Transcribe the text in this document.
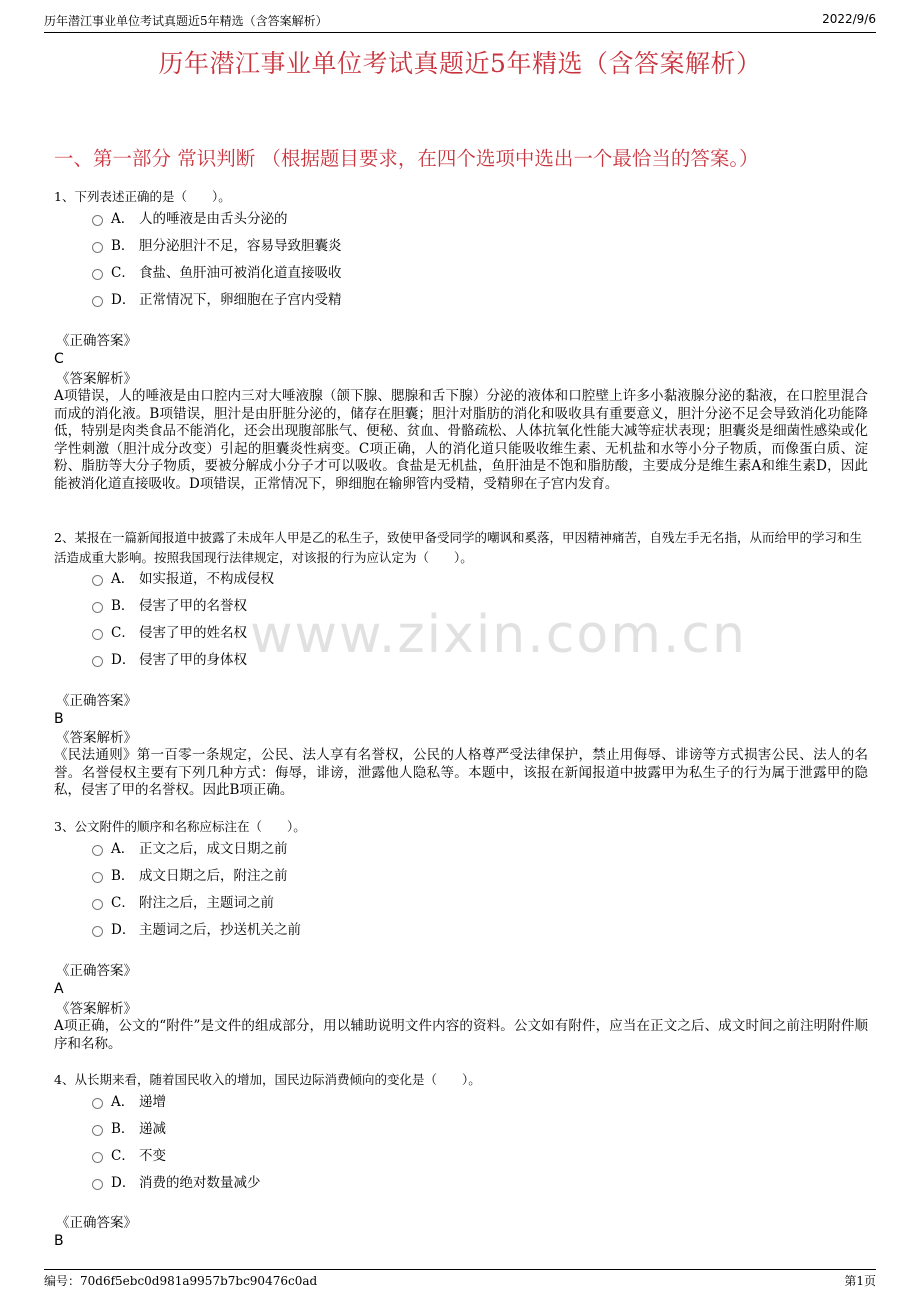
历年潜江事业单位考试真题近5年精选（含答案解析）	2022/9/6
历年潜江事业单位考试真题近5年精选（含答案解析）
一、第一部分 常识判断 （根据题目要求，在四个选项中选出一个最恰当的答案。）
www.zixin.com.cn
1、下列表述正确的是（　　）。
A． 人的唾液是由舌头分泌的
B． 胆分泌胆汁不足，容易导致胆囊炎
C． 食盐、鱼肝油可被消化道直接吸收
D． 正常情况下，卵细胞在子宫内受精
《正确答案》
C
《答案解析》
A项错误，人的唾液是由口腔内三对大唾液腺（颌下腺、腮腺和舌下腺）分泌的液体和口腔壁上许多小黏液腺分泌的黏液，在口腔里混合而成的消化液。B项错误，胆汁是由肝脏分泌的，储存在胆囊；胆汁对脂肪的消化和吸收具有重要意义，胆汁分泌不足会导致消化功能降低，特别是肉类食品不能消化，还会出现腹部胀气、便秘、贫血、骨骼疏松、人体抗氧化性能大减等症状表现；胆囊炎是细菌性感染或化学性刺激（胆汁成分改变）引起的胆囊炎性病变。C项正确，人的消化道只能吸收维生素、无机盐和水等小分子物质，而像蛋白质、淀粉、脂肪等大分子物质，要被分解成小分子才可以吸收。食盐是无机盐，鱼肝油是不饱和脂肪酸，主要成分是维生素A和维生素D，因此能被消化道直接吸收。D项错误，正常情况下，卵细胞在输卵管内受精，受精卵在子宫内发育。
2、某报在一篇新闻报道中披露了未成年人甲是乙的私生子，致使甲备受同学的嘲讽和奚落，甲因精神痛苦，自残左手无名指，从而给甲的学习和生活造成重大影响。按照我国现行法律规定，对该报的行为应认定为（　　）。
A． 如实报道，不构成侵权
B． 侵害了甲的名誉权
C． 侵害了甲的姓名权
D． 侵害了甲的身体权
《正确答案》
B
《答案解析》
《民法通则》第一百零一条规定，公民、法人享有名誉权，公民的人格尊严受法律保护，禁止用侮辱、诽谤等方式损害公民、法人的名誉。名誉侵权主要有下列几种方式：侮辱，诽谤，泄露他人隐私等。本题中，该报在新闻报道中披露甲为私生子的行为属于泄露甲的隐私，侵害了甲的名誉权。因此B项正确。
3、公文附件的顺序和名称应标注在（　　）。
A． 正文之后，成文日期之前
B． 成文日期之后，附注之前
C． 附注之后，主题词之前
D． 主题词之后，抄送机关之前
《正确答案》
A
《答案解析》
A项正确，公文的“附件”是文件的组成部分，用以辅助说明文件内容的资料。公文如有附件，应当在正文之后、成文时间之前注明附件顺序和名称。
4、从长期来看，随着国民收入的增加，国民边际消费倾向的变化是（　　）。
A． 递增
B． 递减
C． 不变
D． 消费的绝对数量减少
《正确答案》
B
编号：70d6f5ebc0d981a9957b7bc90476c0ad	第1页
